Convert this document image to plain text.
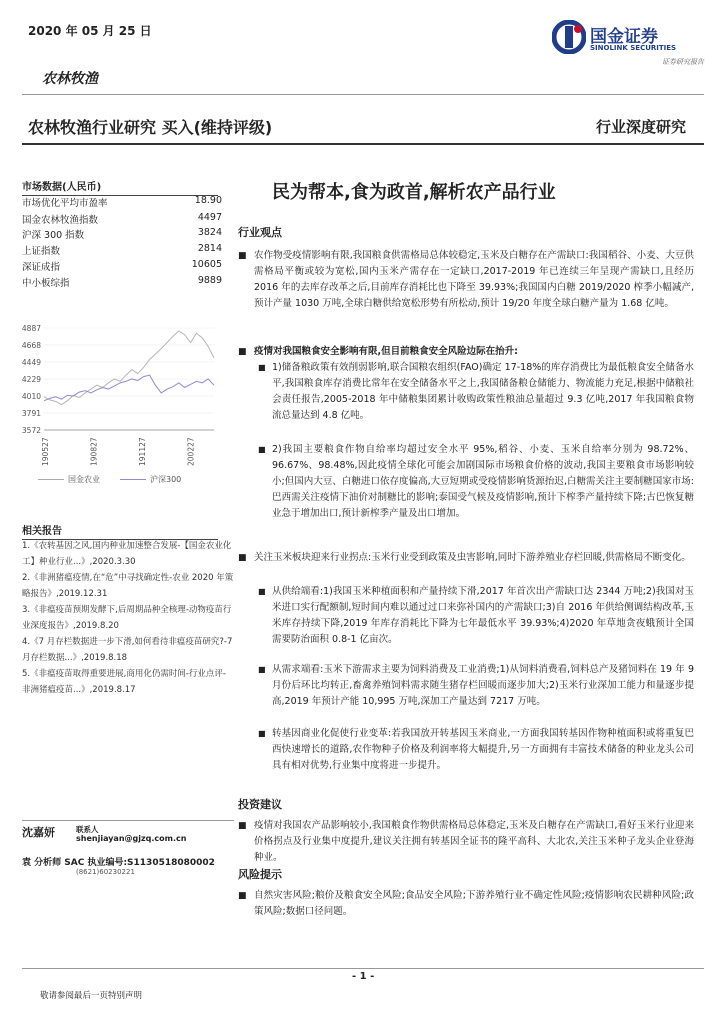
2020 年 05 月 25 日	国金证券
SINOLINK SECURITIES
证券研究报告
农林牧渔
农林牧渔行业研究 买入(维持评级)	行业深度研究
市场数据(人民币)
市场优化平均市盈率	18.90
国金农林牧渔指数	4497
沪深 300 指数	3824
上证指数	2814
深证成指	10605
中小板综指	9889
4887
4668
4449
4229
4010
3791
3572
190527	190827	191127	200227
国金农业	沪深300
相关报告
1.《农转基因之风,国内种业加速整合发展-【国金农业化工】种业行业...》,2020.3.30
2.《非洲猪瘟疫情,在“危”中寻找确定性-农业 2020 年策略报告》,2019.12.31
3.《非瘟疫苗预期发酵下,后周期品种全核理-动物疫苗行业深度报告》,2019.8.20
4.《7 月存栏数据进一步下滑,如何看待非瘟疫苗研究?-7 月存栏数据...》,2019.8.18
5.《非瘟疫苗取得重要进展,商用化仍需时间-行业点评-非洲猪瘟疫苗...》,2019.8.17
沈嘉妍	联系人
shenjiayan@gjzq.com.cn
袁 分析师 SAC 执业编号:S1130518080002
(8621)60230221
民为帮本,食为政首,解析农产品行业
行业观点
■ 农作物受疫情影响有限,我国粮食供需格局总体较稳定,玉米及白糖存在产需缺口:我国稻谷、小麦、大豆供需格局平衡或较为宽松,国内玉米产需存在一定缺口,2017-2019 年已连续三年呈现产需缺口,且经历 2016 年的去库存改革之后,目前库存消耗比也下降至 39.93%;我国国内白糖 2019/2020 榨季小幅减产,预计产量 1030 万吨,全球白糖供给宽松形势有所松动,预计 19/20 年度全球白糖产量为 1.68 亿吨。
■ 疫情对我国粮食安全影响有限,但目前粮食安全风险边际在抬升:
■ 1)储备粮政策有效削弱影响,联合国粮农组织(FAO)确定 17-18%的库存消费比为最低粮食安全储备水平,我国粮食库存消费比常年在安全储备水平之上,我国储备粮仓储能力、物流能力充足,根据中储粮社会责任报告,2005-2018 年中储粮集团累计收购政策性粮油总量超过 9.3 亿吨,2017 年我国粮食物流总量达到 4.8 亿吨。
■ 2)我国主要粮食作物自给率均超过安全水平 95%,稻谷、小麦、玉米自给率分别为 98.72%、96.67%、98.48%,因此疫情全球化可能会加剧国际市场粮食价格的波动,我国主要粮食市场影响较小;但国内大豆、白糖进口依存度偏高,大豆短期或受疫情影响货源抬迟,白糖需关注主要制糖国家市场:巴西需关注疫情下油价对制糖比的影响;泰国受气候及疫情影响,预计下榨季产量持续下降;古巴恢复糖业急于增加出口,预计新榨季产量及出口增加。
■ 关注玉米板块迎来行业拐点:玉米行业受到政策及虫害影响,同时下游养殖业存栏回暖,供需格局不断变化。
■ 从供给端看:1)我国玉米种植面积和产量持续下滑,2017 年首次出产需缺口达 2344 万吨;2)我国对玉米进口实行配额制,短时间内难以通过过口来弥补国内的产需缺口;3)自 2016 年供给侧调结构改革,玉米库存持续下降,2019 年库存消耗比下降为七年最低水平 39.93%;4)2020 年草地贪夜蛾预计全国需要防治面积 0.8-1 亿亩次。
■ 从需求端看:玉米下游需求主要为饲料消费及工业消费;1)从饲料消费看,饲料总产及猪饲料在 19 年 9 月份后环比均转正,畜禽养殖饲料需求随生猪存栏回暖而逐步加大;2)玉米行业深加工能力和量逐步提高,2019 年预计产能 10,995 万吨,深加工产量达到 7217 万吨。
■ 转基因商业化促使行业变革:若我国放开转基因玉米商业,一方面我国转基因作物种植面积或将重复巴西快速增长的道路,农作物种子价格及利润率将大幅提升,另一方面拥有丰富技术储备的种业龙头公司具有相对优势,行业集中度将进一步提升。
投资建议
■ 疫情对我国农产品影响较小,我国粮食作物供需格局总体稳定,玉米及白糖存在产需缺口,看好玉米行业迎来价格拐点及行业集中度提升,建议关注拥有转基因全证书的隆平高科、大北农,关注玉米种子龙头企业登海种业。
风险提示
■ 自然灾害风险;粮价及粮食安全风险;食品安全风险;下游养殖行业不确定性风险;疫情影响农民耕种风险;政策风险;数据口径问题。
- 1 -
敬请参阅最后一页特别声明
